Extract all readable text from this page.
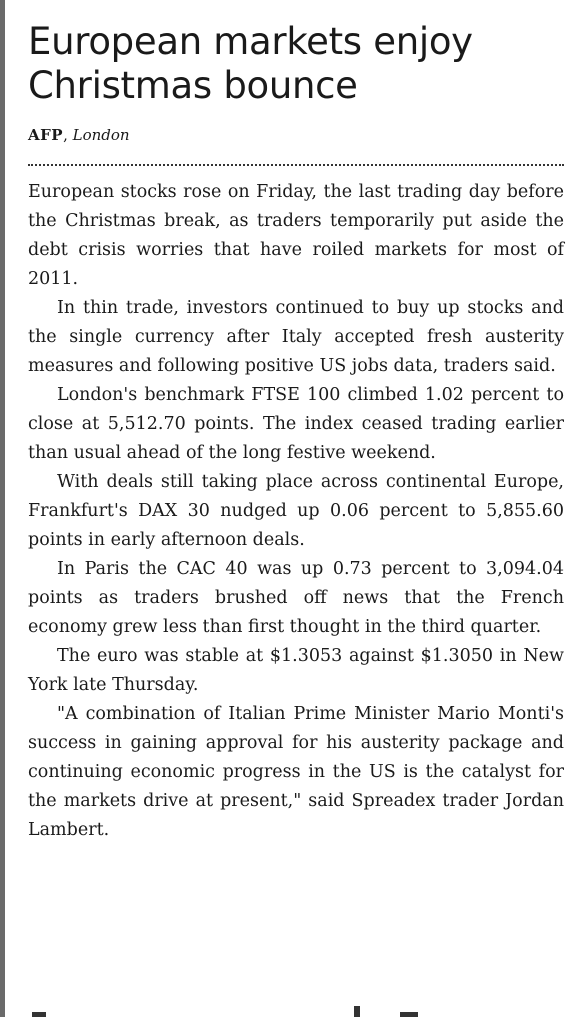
European markets enjoy
Christmas bounce
AFP, London

European stocks rose on Friday, the last trading day before the Christmas break, as traders temporarily put aside the debt crisis worries that have roiled markets for most of 2011.

In thin trade, investors continued to buy up stocks and the single currency after Italy accepted fresh austerity measures and following positive US jobs data, traders said.

London's benchmark FTSE 100 climbed 1.02 percent to close at 5,512.70 points. The index ceased trading earlier than usual ahead of the long festive weekend.

With deals still taking place across continental Europe, Frankfurt's DAX 30 nudged up 0.06 percent to 5,855.60 points in early afternoon deals.

In Paris the CAC 40 was up 0.73 percent to 3,094.04 points as traders brushed off news that the French economy grew less than first thought in the third quarter.

The euro was stable at $1.3053 against $1.3050 in New York late Thursday.

"A combination of Italian Prime Minister Mario Monti's success in gaining approval for his austerity package and continuing economic progress in the US is the catalyst for the markets drive at present," said Spreadex trader Jordan Lambert.
